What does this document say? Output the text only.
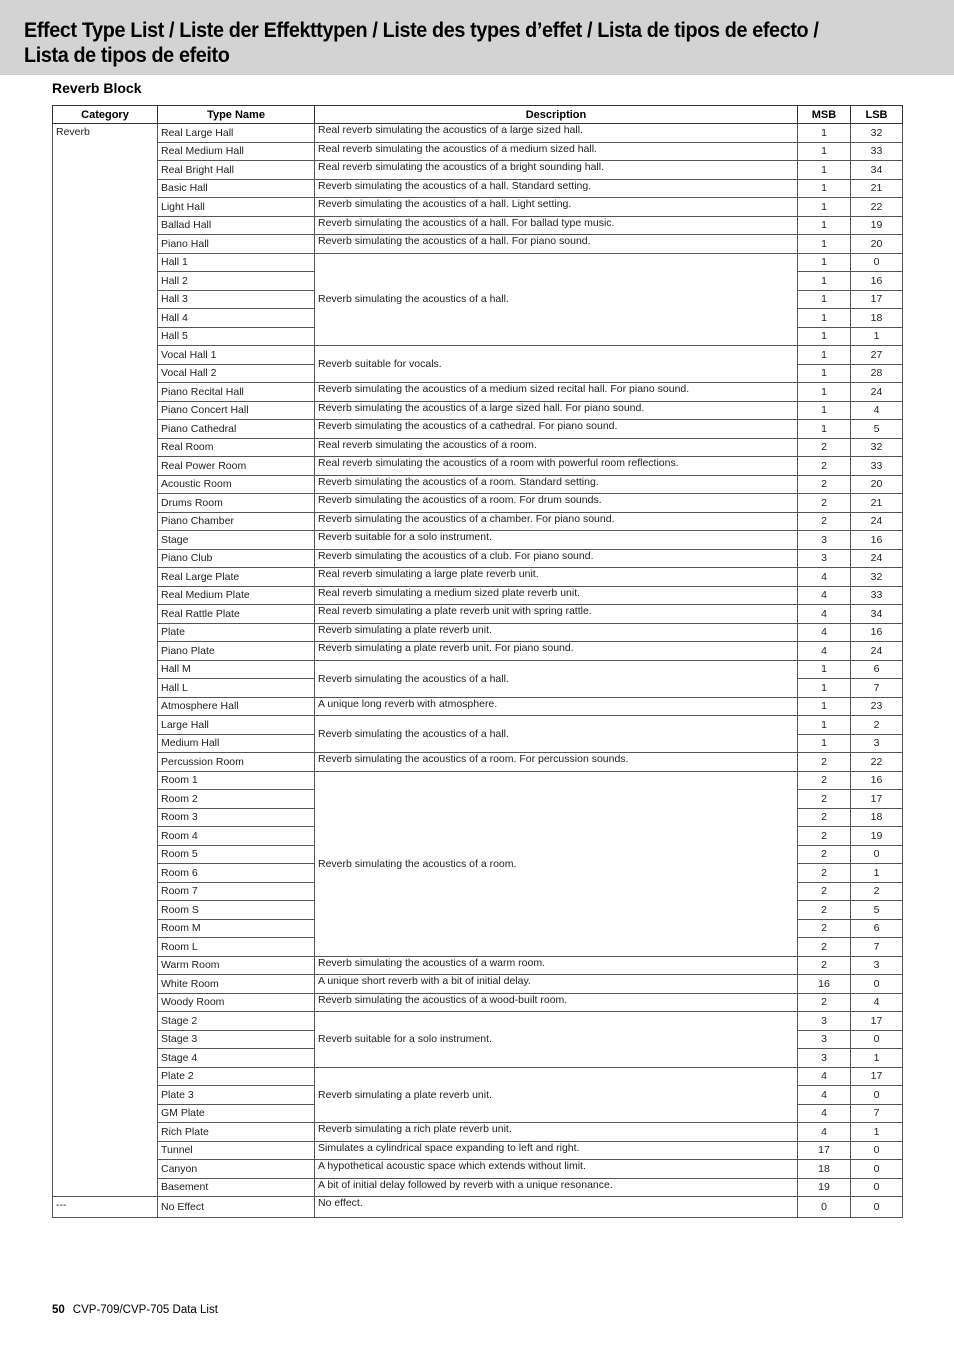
Effect Type List / Liste der Effekttypen / Liste des types d’effet / Lista de tipos de efecto /
Lista de tipos de efeito
Reverb Block
Category	Type Name	Description	MSB	LSB
Reverb	Real Large Hall	Real reverb simulating the acoustics of a large sized hall.	1	32
	Real Medium Hall	Real reverb simulating the acoustics of a medium sized hall.	1	33
	Real Bright Hall	Real reverb simulating the acoustics of a bright sounding hall.	1	34
	Basic Hall	Reverb simulating the acoustics of a hall. Standard setting.	1	21
	Light Hall	Reverb simulating the acoustics of a hall. Light setting.	1	22
	Ballad Hall	Reverb simulating the acoustics of a hall. For ballad type music.	1	19
	Piano Hall	Reverb simulating the acoustics of a hall. For piano sound.	1	20
	Hall 1	Reverb simulating the acoustics of a hall.	1	0
	Hall 2		1	16
	Hall 3		1	17
	Hall 4		1	18
	Hall 5		1	1
	Vocal Hall 1	Reverb suitable for vocals.	1	27
	Vocal Hall 2		1	28
	Piano Recital Hall	Reverb simulating the acoustics of a medium sized recital hall. For piano sound.	1	24
	Piano Concert Hall	Reverb simulating the acoustics of a large sized hall. For piano sound.	1	4
	Piano Cathedral	Reverb simulating the acoustics of a cathedral. For piano sound.	1	5
	Real Room	Real reverb simulating the acoustics of a room.	2	32
	Real Power Room	Real reverb simulating the acoustics of a room with powerful room reflections.	2	33
	Acoustic Room	Reverb simulating the acoustics of a room. Standard setting.	2	20
	Drums Room	Reverb simulating the acoustics of a room. For drum sounds.	2	21
	Piano Chamber	Reverb simulating the acoustics of a chamber. For piano sound.	2	24
	Stage	Reverb suitable for a solo instrument.	3	16
	Piano Club	Reverb simulating the acoustics of a club. For piano sound.	3	24
	Real Large Plate	Real reverb simulating a large plate reverb unit.	4	32
	Real Medium Plate	Real reverb simulating a medium sized plate reverb unit.	4	33
	Real Rattle Plate	Real reverb simulating a plate reverb unit with spring rattle.	4	34
	Plate	Reverb simulating a plate reverb unit.	4	16
	Piano Plate	Reverb simulating a plate reverb unit. For piano sound.	4	24
	Hall M	Reverb simulating the acoustics of a hall.	1	6
	Hall L		1	7
	Atmosphere Hall	A unique long reverb with atmosphere.	1	23
	Large Hall	Reverb simulating the acoustics of a hall.	1	2
	Medium Hall		1	3
	Percussion Room	Reverb simulating the acoustics of a room. For percussion sounds.	2	22
	Room 1	Reverb simulating the acoustics of a room.	2	16
	Room 2		2	17
	Room 3		2	18
	Room 4		2	19
	Room 5		2	0
	Room 6		2	1
	Room 7		2	2
	Room S		2	5
	Room M		2	6
	Room L		2	7
	Warm Room	Reverb simulating the acoustics of a warm room.	2	3
	White Room	A unique short reverb with a bit of initial delay.	16	0
	Woody Room	Reverb simulating the acoustics of a wood-built room.	2	4
	Stage 2	Reverb suitable for a solo instrument.	3	17
	Stage 3		3	0
	Stage 4		3	1
	Plate 2	Reverb simulating a plate reverb unit.	4	17
	Plate 3		4	0
	GM Plate		4	7
	Rich Plate	Reverb simulating a rich plate reverb unit.	4	1
	Tunnel	Simulates a cylindrical space expanding to left and right.	17	0
	Canyon	A hypothetical acoustic space which extends without limit.	18	0
	Basement	A bit of initial delay followed by reverb with a unique resonance.	19	0
---	No Effect	No effect.	0	0
50 CVP-709/CVP-705 Data List
